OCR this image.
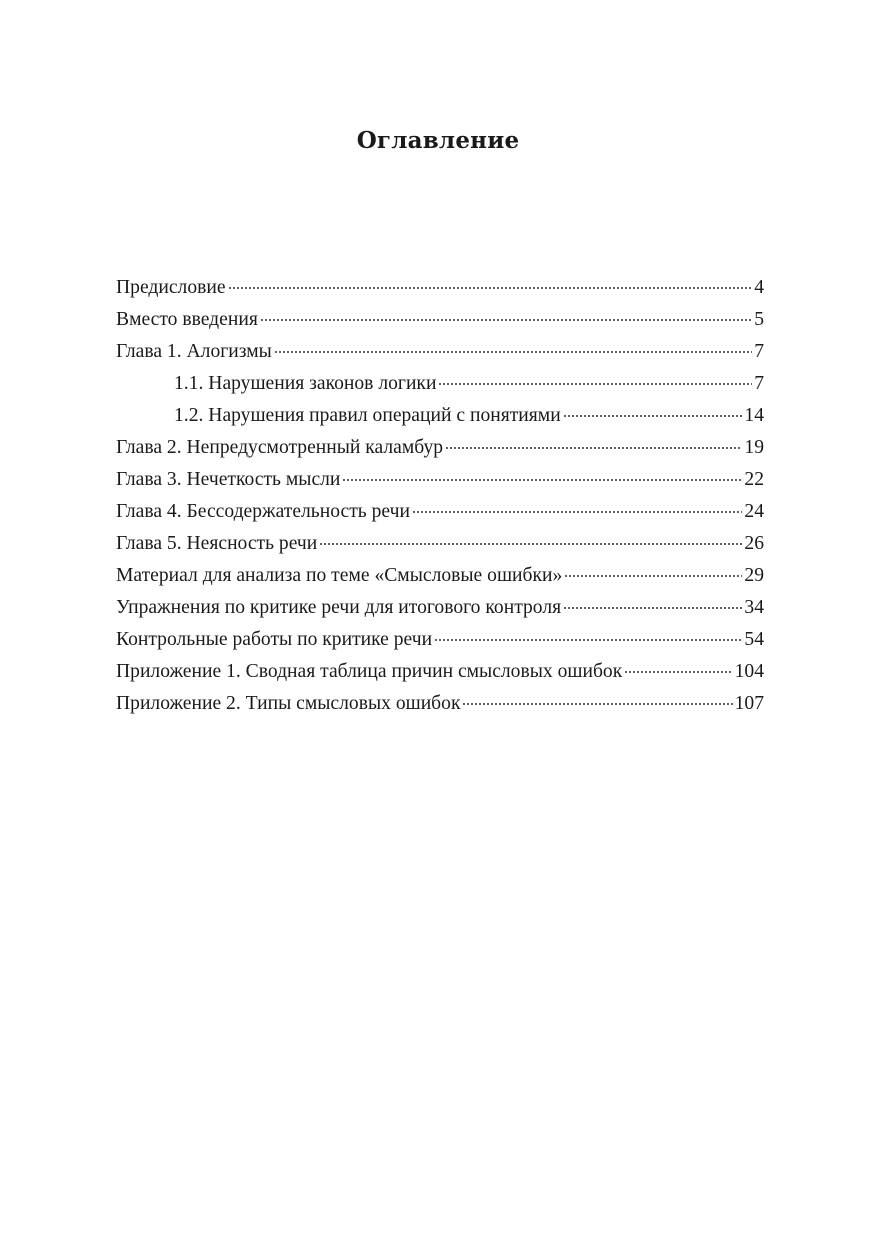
Оглавление
Предисловие	4
Вместо введения	5
Глава 1. Алогизмы	7
1.1. Нарушения законов логики	7
1.2. Нарушения правил операций с понятиями	14
Глава 2. Непредусмотренный каламбур	19
Глава 3. Нечеткость мысли	22
Глава 4. Бессодержательность речи	24
Глава 5. Неясность речи	26
Материал для анализа по теме «Смысловые ошибки»	29
Упражнения по критике речи для итогового контроля	34
Контрольные работы по критике речи	54
Приложение 1. Сводная таблица причин смысловых ошибок	104
Приложение 2. Типы смысловых ошибок	107
